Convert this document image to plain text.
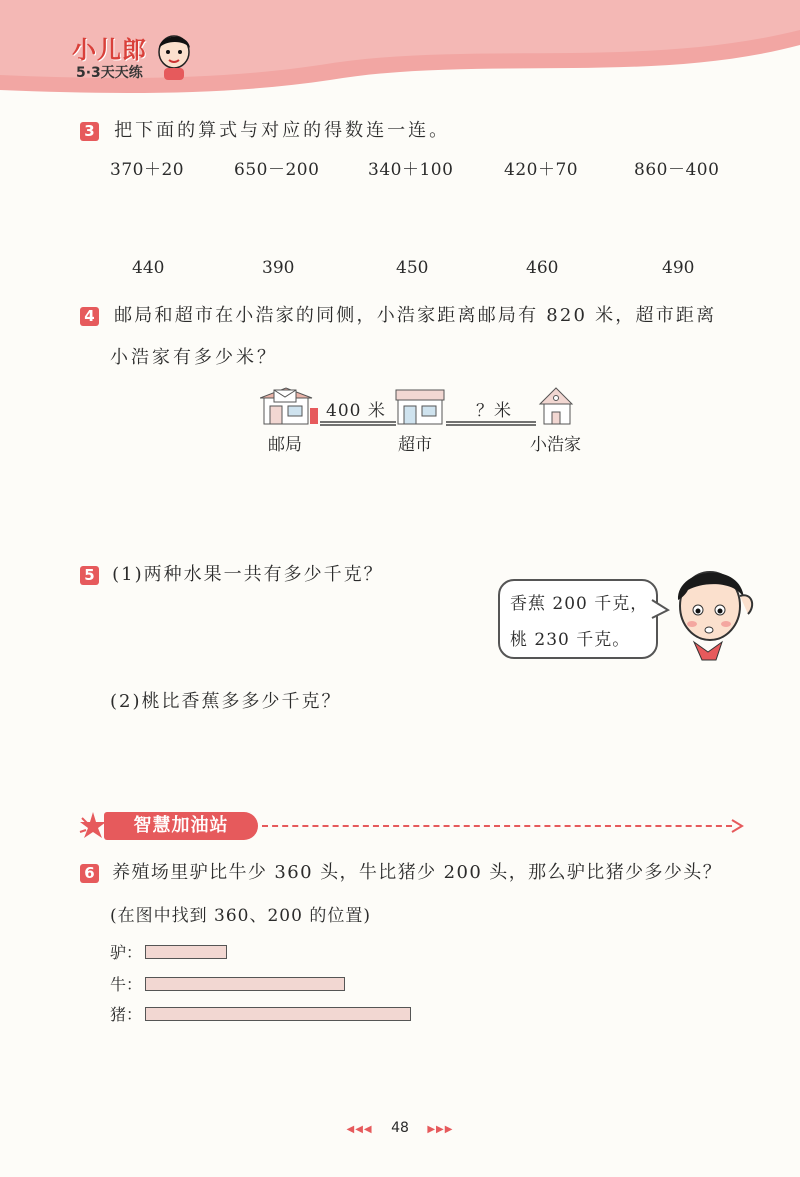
小儿郎
5·3天天练
3 把下面的算式与对应的得数连一连。
370＋20	650－200	340＋100	420＋70	860－400
440	390	450	460	490
4 邮局和超市在小浩家的同侧，小浩家距离邮局有 820 米，超市距离
小浩家有多少米？
400 米	？米
邮局	超市	小浩家
5 (1)两种水果一共有多少千克？
香蕉 200 千克，
桃 230 千克。
(2)桃比香蕉多多少千克？
智慧加油站
6 养殖场里驴比牛少 360 头，牛比猪少 200 头，那么驴比猪少多少头？
(在图中找到 360、200 的位置)
驴：
牛：
猪：
◀◀◀ 48 ▶▶▶
